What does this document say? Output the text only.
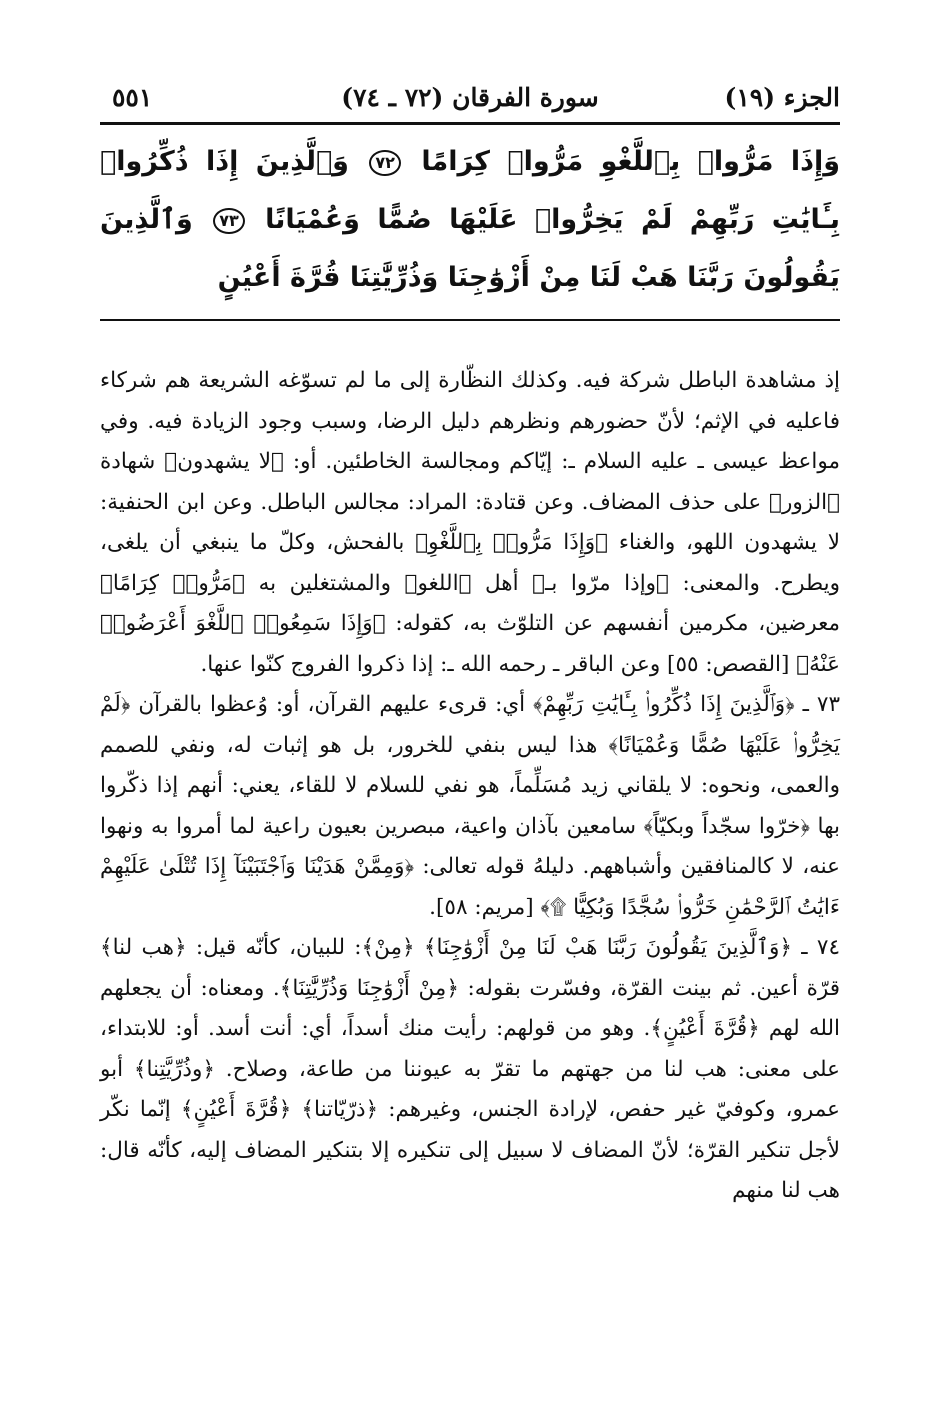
الجزء (١٩)
سورة الفرقان (٧٢ ـ ٧٤)
٥٥١
وَإِذَا مَرُّوا۟ بِٱللَّغْوِ مَرُّوا۟ كِرَامًا ٧٢ وَٱلَّذِينَ إِذَا ذُكِّرُوا۟ بِـَٔايَٰتِ رَبِّهِمْ لَمْ يَخِرُّوا۟ عَلَيْهَا صُمًّا وَعُمْيَانًا ٧٣ وَٱلَّذِينَ يَقُولُونَ رَبَّنَا هَبْ لَنَا مِنْ أَزْوَٰجِنَا وَذُرِّيَّٰتِنَا قُرَّةَ أَعْيُنٍ

إذ مشاهدة الباطل شركة فيه. وكذلك النظّارة إلى ما لم تسوّغه الشريعة هم شركاء فاعليه في الإثم؛ لأنّ حضورهم ونظرهم دليل الرضا، وسبب وجود الزيادة فيه. وفي مواعظ عيسى ـ عليه السلام ـ: إيّاكم ومجالسة الخاطئين. أو: ﴿لا يشهدون﴾ شهادة ﴿الزور﴾ على حذف المضاف. وعن قتادة: المراد: مجالس الباطل. وعن ابن الحنفية: لا يشهدون اللهو، والغناء ﴿وَإِذَا مَرُّوا۟ بِٱللَّغْوِ﴾ بالفحش، وكلّ ما ينبغي أن يلغى، ويطرح. والمعنى: ﴿وإذا مرّوا بـ﴾ أهل ﴿اللغو﴾ والمشتغلين به ﴿مَرُّوا۟ كِرَامًا﴾ معرضين، مكرمين أنفسهم عن التلوّث به، كقوله: ﴿وَإِذَا سَمِعُوا۟ ٱللَّغْوَ أَعْرَضُوا۟ عَنْهُ﴾ [القصص: ٥٥] وعن الباقر ـ رحمه الله ـ: إذا ذكروا الفروج كنّوا عنها.

٧٣ ـ ﴿وَٱلَّذِينَ إِذَا ذُكِّرُوا۟ بِـَٔايَٰتِ رَبِّهِمْ﴾ أي: قرىء عليهم القرآن، أو: وُعظوا بالقرآن ﴿لَمْ يَخِرُّوا۟ عَلَيْهَا صُمًّا وَعُمْيَانًا﴾ هذا ليس بنفي للخرور، بل هو إثبات له، ونفي للصمم والعمى، ونحوه: لا يلقاني زيد مُسَلِّماً، هو نفي للسلام لا للقاء، يعني: أنهم إذا ذكّروا بها ﴿خرّوا سجّداً وبكيّاً﴾ سامعين بآذان واعية، مبصرين بعيون راعية لما أمروا به ونهوا عنه، لا كالمنافقين وأشباههم. دليلهُ قوله تعالى: ﴿وَمِمَّنْ هَدَيْنَا وَٱجْتَبَيْنَآ إِذَا تُتْلَىٰ عَلَيْهِمْ ءَايَٰتُ ٱلرَّحْمَٰنِ خَرُّوا۟ سُجَّدًا وَبُكِيًّا ۩﴾ [مريم: ٥٨].

٧٤ ـ ﴿وَٱلَّذِينَ يَقُولُونَ رَبَّنَا هَبْ لَنَا مِنْ أَزْوَٰجِنَا﴾ ﴿مِنْ﴾: للبيان، كأنّه قيل: ﴿هب لنا﴾ قرّة أعين. ثم بينت القرّة، وفسّرت بقوله: ﴿مِنْ أَزْوَٰجِنَا وَذُرِّيَّٰتِنَا﴾. ومعناه: أن يجعلهم الله لهم ﴿قُرَّةَ أَعْيُنٍ﴾. وهو من قولهم: رأيت منك أسداً، أي: أنت أسد. أو: للابتداء، على معنى: هب لنا من جهتهم ما تقرّ به عيوننا من طاعة، وصلاح. ﴿وذُرِّيَّتِنا﴾ أبو عمرو، وكوفيّ غير حفص، لإرادة الجنس، وغيرهم: ﴿ذرّيّاتنا﴾ ﴿قُرَّةَ أَعْيُنٍ﴾ إنّما نكّر لأجل تنكير القرّة؛ لأنّ المضاف لا سبيل إلى تنكيره إلا بتنكير المضاف إليه، كأنّه قال: هب لنا منهم
